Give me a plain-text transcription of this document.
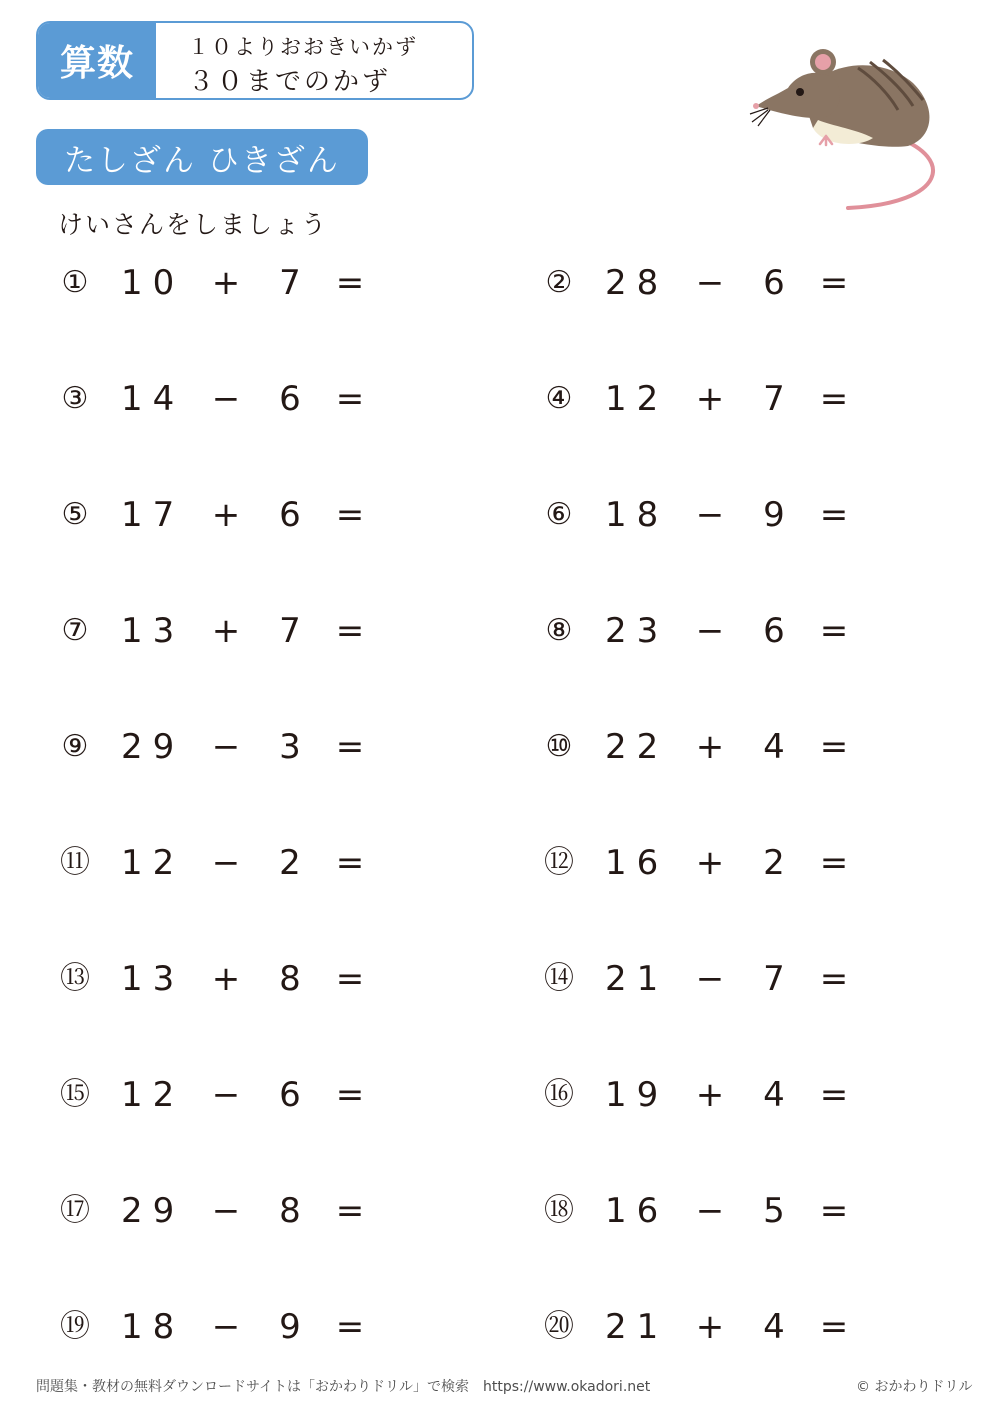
算数	１０よりおおきいかず
３０までのかず
たしざん ひきざん
けいさんをしましょう
① 10 + 7 =	② 28 − 6 =
③ 14 − 6 =	④ 12 + 7 =
⑤ 17 + 6 =	⑥ 18 − 9 =
⑦ 13 + 7 =	⑧ 23 − 6 =
⑨ 29 − 3 =	⑩ 22 + 4 =
⑪ 12 − 2 =	⑫ 16 + 2 =
⑬ 13 + 8 =	⑭ 21 − 7 =
⑮ 12 − 6 =	⑯ 19 + 4 =
⑰ 29 − 8 =	⑱ 16 − 5 =
⑲ 18 − 9 =	⑳ 21 + 4 =
問題集・教材の無料ダウンロードサイトは「おかわりドリル」で検索　https://www.okadori.net	© おかわりドリル
